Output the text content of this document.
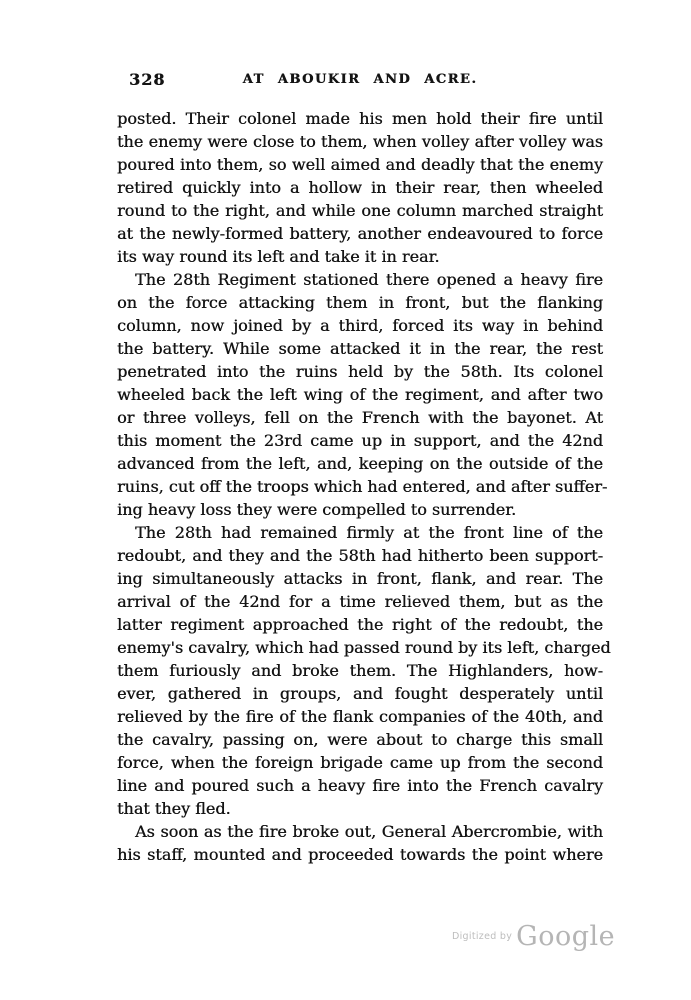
328	AT ABOUKIR AND ACRE.
posted. Their colonel made his men hold their fire until
the enemy were close to them, when volley after volley was
poured into them, so well aimed and deadly that the enemy
retired quickly into a hollow in their rear, then wheeled
round to the right, and while one column marched straight
at the newly-formed battery, another endeavoured to force
its way round its left and take it in rear.
The 28th Regiment stationed there opened a heavy fire
on the force attacking them in front, but the flanking
column, now joined by a third, forced its way in behind
the battery. While some attacked it in the rear, the rest
penetrated into the ruins held by the 58th. Its colonel
wheeled back the left wing of the regiment, and after two
or three volleys, fell on the French with the bayonet. At
this moment the 23rd came up in support, and the 42nd
advanced from the left, and, keeping on the outside of the
ruins, cut off the troops which had entered, and after suffer-
ing heavy loss they were compelled to surrender.
The 28th had remained firmly at the front line of the
redoubt, and they and the 58th had hitherto been support-
ing simultaneously attacks in front, flank, and rear. The
arrival of the 42nd for a time relieved them, but as the
latter regiment approached the right of the redoubt, the
enemy's cavalry, which had passed round by its left, charged
them furiously and broke them. The Highlanders, how-
ever, gathered in groups, and fought desperately until
relieved by the fire of the flank companies of the 40th, and
the cavalry, passing on, were about to charge this small
force, when the foreign brigade came up from the second
line and poured such a heavy fire into the French cavalry
that they fled.
As soon as the fire broke out, General Abercrombie, with
his staff, mounted and proceeded towards the point where
$^{Digitized by}$ Google
